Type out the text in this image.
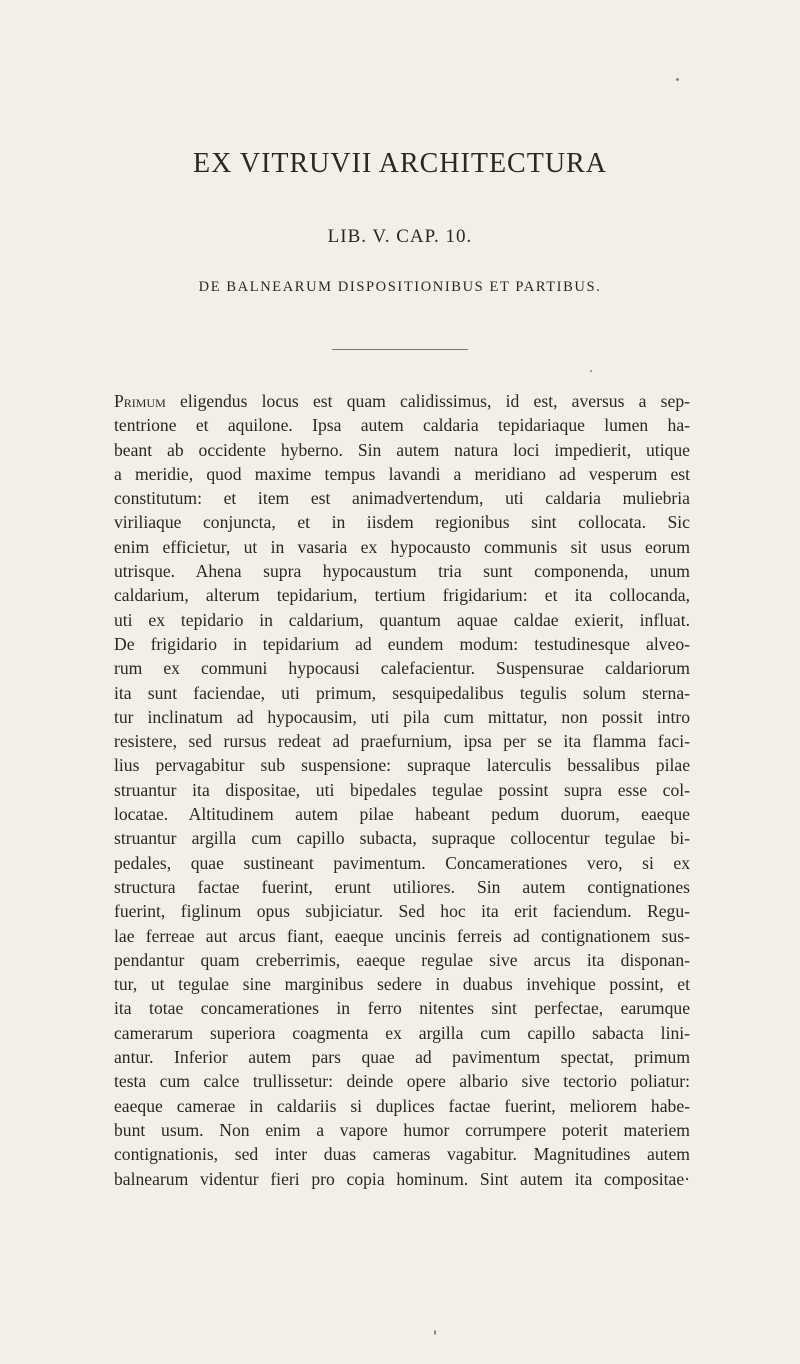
EX VITRUVII ARCHITECTURA
LIB. V. CAP. 10.
DE BALNEARUM DISPOSITIONIBUS ET PARTIBUS.
Primum eligendus locus est quam calidissimus, id est, aversus a sep-
tentrione et aquilone. Ipsa autem caldaria tepidariaque lumen ha-
beant ab occidente hyberno. Sin autem natura loci impedierit, utique
a meridie, quod maxime tempus lavandi a meridiano ad vesperum est
constitutum: et item est animadvertendum, uti caldaria muliebria
viriliaque conjuncta, et in iisdem regionibus sint collocata. Sic
enim efficietur, ut in vasaria ex hypocausto communis sit usus eorum
utrisque. Ahena supra hypocaustum tria sunt componenda, unum
caldarium, alterum tepidarium, tertium frigidarium: et ita collocanda,
uti ex tepidario in caldarium, quantum aquae caldae exierit, influat.
De frigidario in tepidarium ad eundem modum: testudinesque alveo-
rum ex communi hypocausi calefacientur. Suspensurae caldariorum
ita sunt faciendae, uti primum, sesquipedalibus tegulis solum sterna-
tur inclinatum ad hypocausim, uti pila cum mittatur, non possit intro
resistere, sed rursus redeat ad praefurnium, ipsa per se ita flamma faci-
lius pervagabitur sub suspensione: supraque laterculis bessalibus pilae
struantur ita dispositae, uti bipedales tegulae possint supra esse col-
locatae. Altitudinem autem pilae habeant pedum duorum, eaeque
struantur argilla cum capillo subacta, supraque collocentur tegulae bi-
pedales, quae sustineant pavimentum. Concamerationes vero, si ex
structura factae fuerint, erunt utiliores. Sin autem contignationes
fuerint, figlinum opus subjiciatur. Sed hoc ita erit faciendum. Regu-
lae ferreae aut arcus fiant, eaeque uncinis ferreis ad contignationem sus-
pendantur quam creberrimis, eaeque regulae sive arcus ita disponan-
tur, ut tegulae sine marginibus sedere in duabus invehique possint, et
ita totae concamerationes in ferro nitentes sint perfectae, earumque
camerarum superiora coagmenta ex argilla cum capillo sabacta lini-
antur. Inferior autem pars quae ad pavimentum spectat, primum
testa cum calce trullissetur: deinde opere albario sive tectorio poliatur:
eaeque camerae in caldariis si duplices factae fuerint, meliorem habe-
bunt usum. Non enim a vapore humor corrumpere poterit materiem
contignationis, sed inter duas cameras vagabitur. Magnitudines autem
balnearum videntur fieri pro copia hominum. Sint autem ita compositae·
